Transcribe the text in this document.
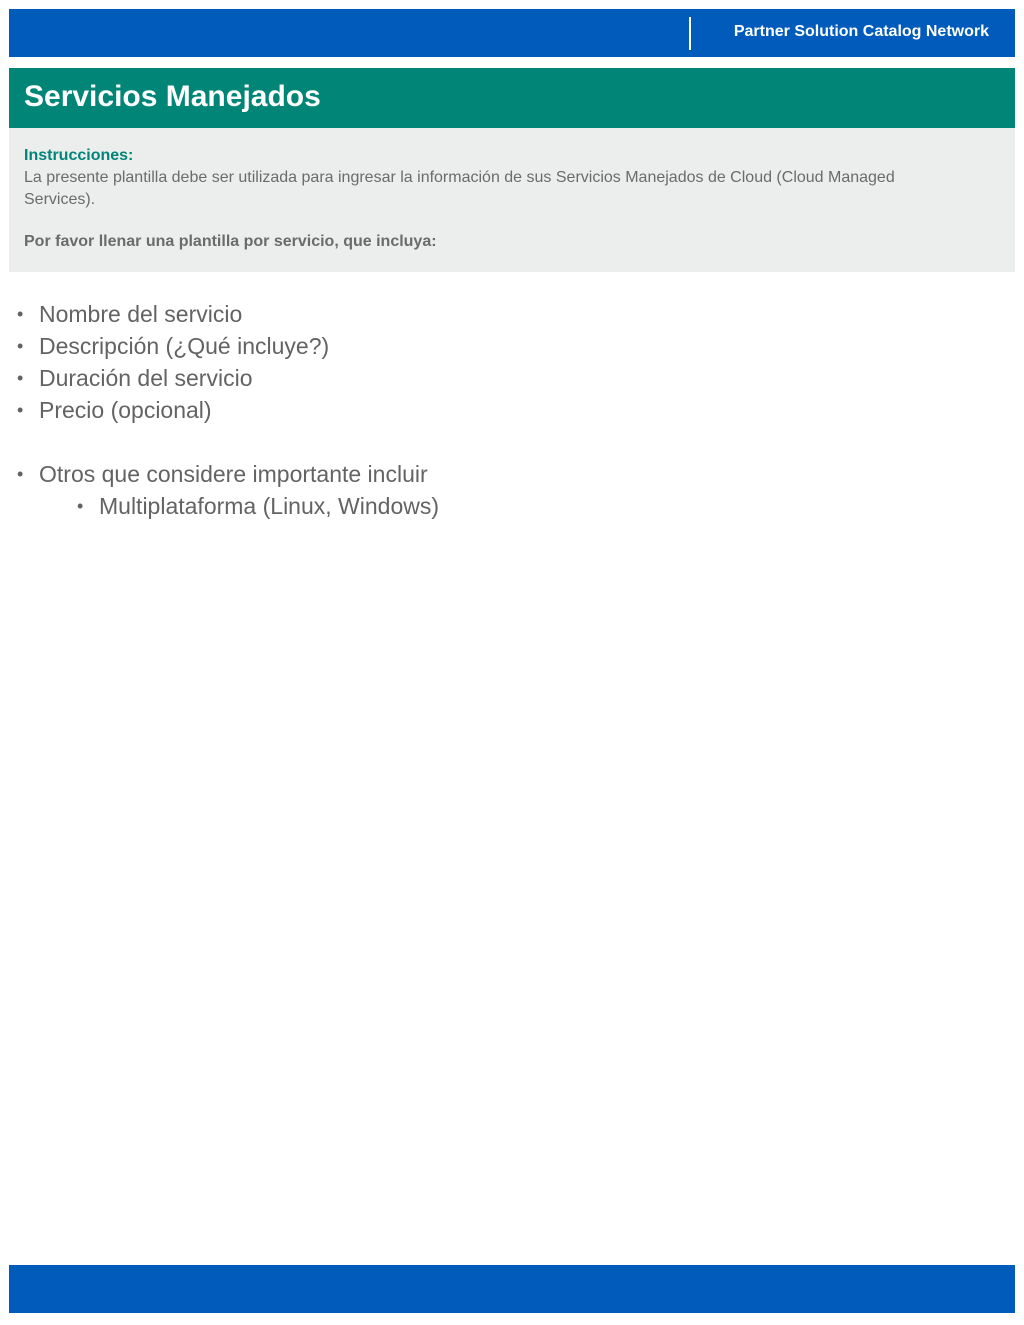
Partner Solution Catalog Network
Servicios Manejados
Instrucciones:
La presente plantilla debe ser utilizada para ingresar la información de sus Servicios Manejados de Cloud (Cloud Managed Services).
Por favor llenar una plantilla por servicio, que incluya:
• Nombre del servicio
• Descripción (¿Qué incluye?)
• Duración del servicio
• Precio (opcional)
• Otros que considere importante incluir
• Multiplataforma (Linux, Windows)
